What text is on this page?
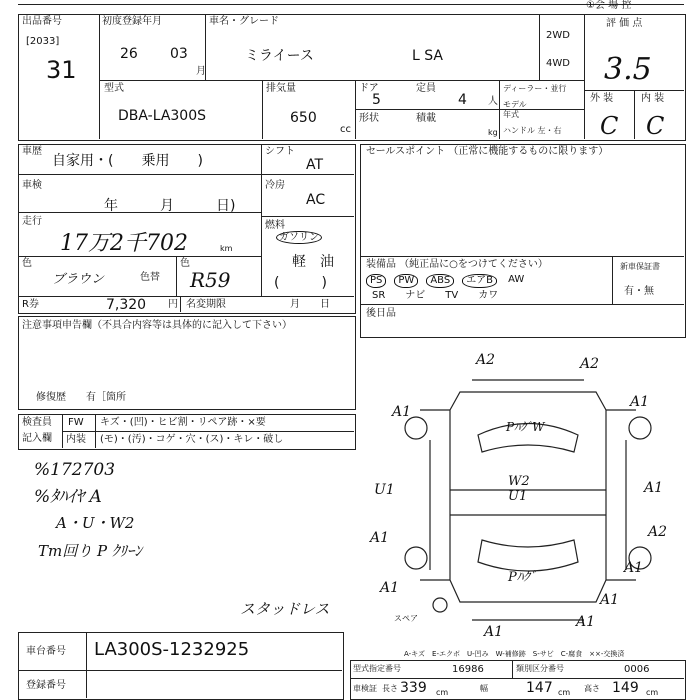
①会 場 控
出品番号
[2033]
31
初度登録年月
26 03
月
車名・グレード
ミライース	L SA
2WD
4WD
評 価 点
3.5
外 装	内 装
C C
型式
DBA-LA300S
排気量
650
cc
ドア
5
定員
4 人
形状	積載
kg
ディーラー・並行
モデル
年式
ハンドル 左・右
車歴
自家用・(　　乗用　　)
シフト
AT
車検
年　　　月　　　日)
冷房
AC
走行
17万2千702	km
燃料
ガソリン
軽　油
(　　　)
色
ブラウン	色替
色
R59
R券	7,320 円 名変期限	月　　日
セールスポイント （正常に機能するものに限ります）
装備品 （純正品に○をつけてください）	新車保証書
有・無
PS	PW	ABS	エアB	AW
SR ナビ TV カワ
後日品
注意事項申告欄（不具合内容等は具体的に記入して下さい）
修復歴　　有［箇所
検査員
記入欄
FW
内装
キズ・(凹)・ヒビ割・リペア跡・×要
(モ)・(汚)・コゲ・穴・(ス)・キレ・破し
%172703
%ﾀﾊｲﾔ A
A・U・W2
Tm回り P ｸﾘｰﾝ
A2	A2
A1
A1
PﾊｸﾞW
U1
W2
U1
A1
A1	A2
A1
Pﾊｸﾞ
A1
A1
A1
A1
スペア
スタッドレス
A-キズ　E-エクボ　U-凹み　W-補修跡　S-サビ　C-腐食　××-交換済
車台番号 LA300S-1232925
登録番号
型式指定番号	16986	類別区分番号	0006
車検証 長さ 339 cm	幅	147 cm 高さ 149 cm
